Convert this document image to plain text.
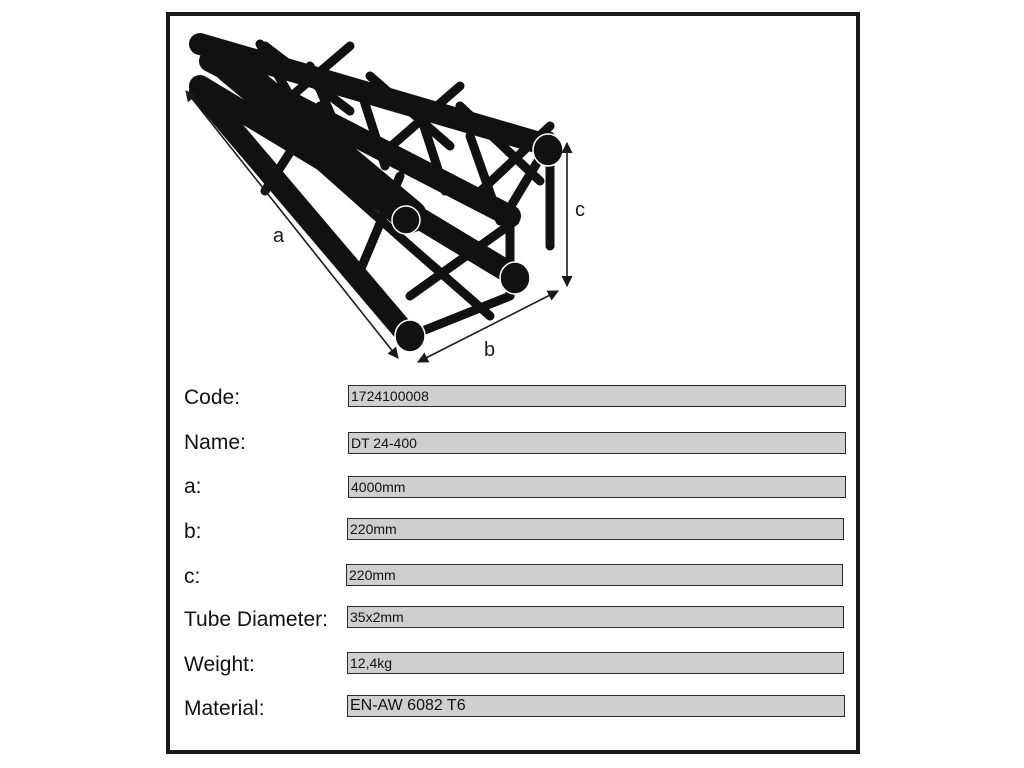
a
b
c
Code:	1724100008
Name:	DT 24-400
a:	4000mm
b:	220mm
c:	220mm
Tube Diameter: 35x2mm
Weight:	12,4kg
Material:	EN-AW 6082 T6
